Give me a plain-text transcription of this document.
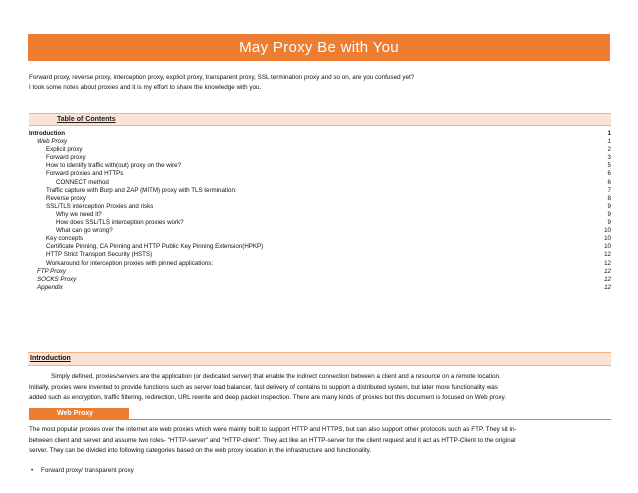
May Proxy Be with You
Forward proxy, reverse proxy, interception proxy, explicit proxy, transparent proxy, SSL termination proxy and so on, are you confused yet?
I took some notes about proxies and it is my effort to share the knowledge with you.
Table of Contents
Introduction	1
Web Proxy	1
Explicit proxy	2
Forward proxy	3
How to identify traffic with(out) proxy on the wire?	5
Forward proxies and HTTPs	6
CONNECT method	6
Traffic capture with Burp and ZAP (MITM) proxy with TLS termination:	7
Reverse proxy	8
SSL/TLS interception Proxies and risks	9
Why we need it?	9
How does SSL/TLS interception proxies work?	9
What can go wrong?	10
Key concepts	10
Certificate Pinning, CA Pinning and HTTP Public Key Pinning Extension(HPKP)	10
HTTP Strict Transport Security (HSTS)	12
Workaround for interception proxies with pinned applications:	12
FTP Proxy	12
SOCKS Proxy	12
Appendix	12
Introduction
Simply defined, proxies/servers are the application (or dedicated server) that enable the indirect connection between a client and a resource on a remote location.
Initially, proxies were invented to provide functions such as server load balancer, fast delivery of contains to support a distributed system, but later more functionality was
added such as encryption, traffic filtering, redirection, URL rewrite and deep packet inspection. There are many kinds of proxies but this document is focused on Web proxy.
Web Proxy
The most popular proxies over the internet are web proxies which were mainly built to support HTTP and HTTPS, but can also support other protocols such as FTP. They sit in-
between client and server and assume two roles- "HTTP-server" and "HTTP-client". They act like an HTTP-server for the client request and it act as HTTP-Client to the original
server. They can be divided into following categories based on the web proxy location in the infrastructure and functionality.
• Forward proxy/ transparent proxy
